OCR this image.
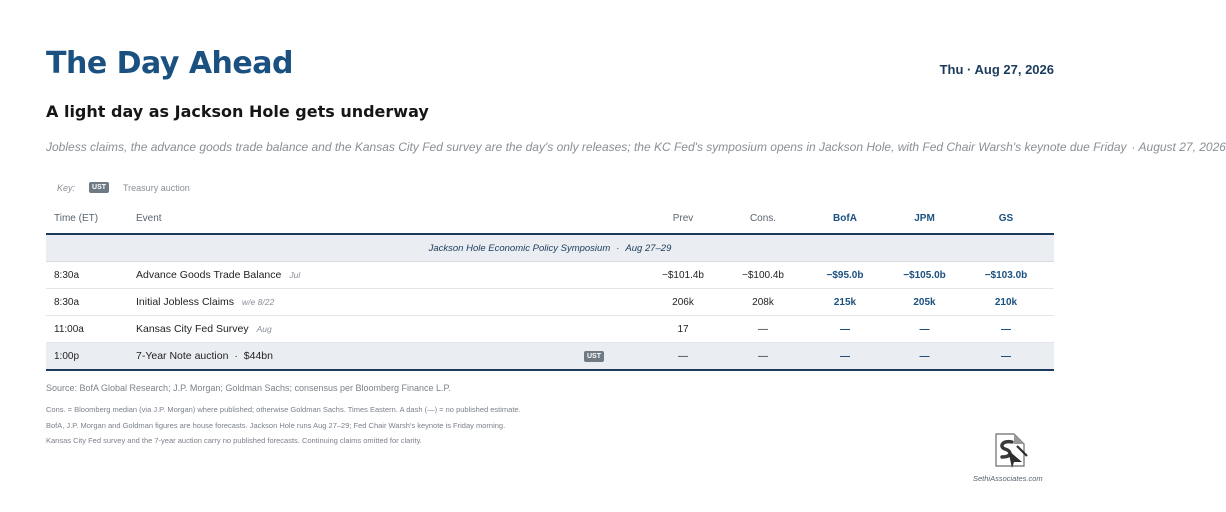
The Day Ahead	Thu · Aug 27, 2026
A light day as Jackson Hole gets underway
Jobless claims, the advance goods trade balance and the Kansas City Fed survey are the day's only releases; the KC Fed's symposium opens in Jackson Hole, with Fed Chair Warsh's keynote due Friday · August 27, 2026
Key:	UST	Treasury auction
Time (ET)	Event	Prev	Cons.	BofA	JPM	GS
Jackson Hole Economic Policy Symposium · Aug 27–29						
8:30a	Advance Goods Trade Balance Jul	−$101.4b	−$100.4b	−$95.0b	−$105.0b	−$103.0b
8:30a	Initial Jobless Claims w/e 8/22	206k	208k	215k	205k	210k
11:00a	Kansas City Fed Survey Aug	17	—	—	—	—
1:00p	7-Year Note auction · $44bn UST	—	—	—	—	—
Source: BofA Global Research; J.P. Morgan; Goldman Sachs; consensus per Bloomberg Finance L.P.
Cons. = Bloomberg median (via J.P. Morgan) where published; otherwise Goldman Sachs. Times Eastern. A dash (—) = no published estimate.
BofA, J.P. Morgan and Goldman figures are house forecasts. Jackson Hole runs Aug 27–29; Fed Chair Warsh's keynote is Friday morning.
Kansas City Fed survey and the 7-year auction carry no published forecasts. Continuing claims omitted for clarity.
SethiAssociates.com
